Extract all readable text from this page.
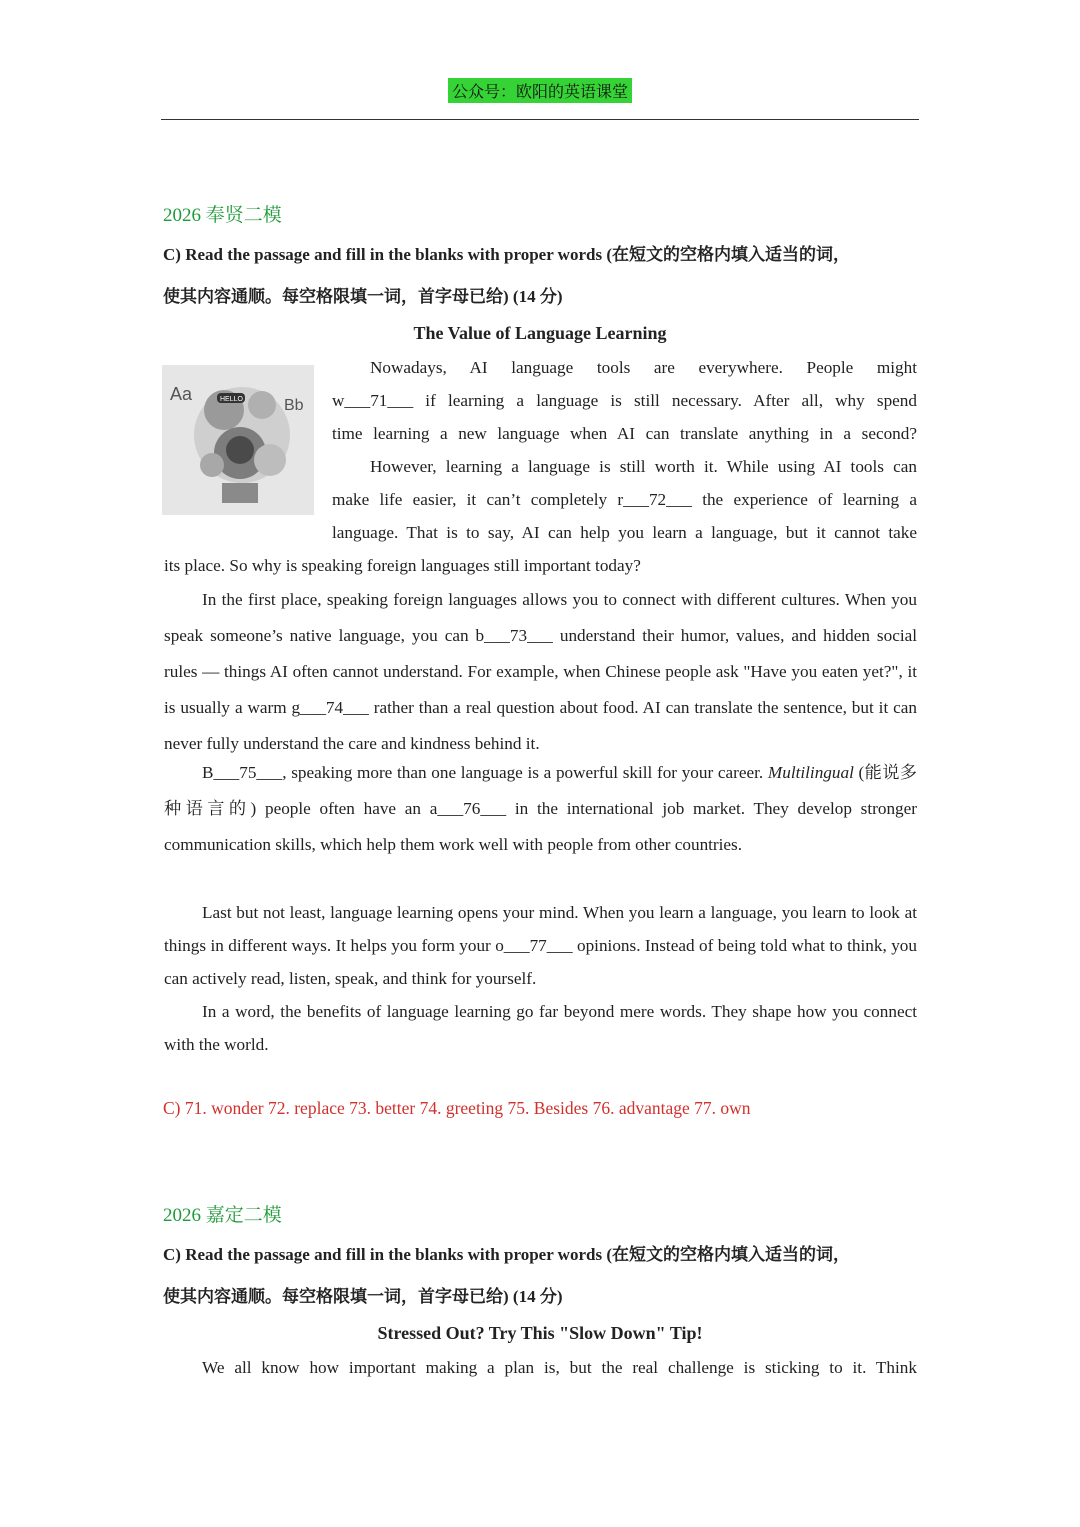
公众号：欧阳的英语课堂
2026 奉贤二模
C) Read the passage and fill in the blanks with proper words (在短文的空格内填入适当的词，
使其内容通顺。每空格限填一词，首字母已给) (14 分)
The Value of Language Learning
Aa
Bb
HELLO
Nowadays, AI language tools are everywhere. People might
w___71___ if learning a language is still necessary. After all, why spend
time learning a new language when AI can translate anything in a second?
However, learning a language is still worth it. While using AI tools can
make life easier, it can’t completely r___72___ the experience of learning a
language. That is to say, AI can help you learn a language, but it cannot take
its place. So why is speaking foreign languages still important today?
In the first place, speaking foreign languages allows you to connect with different cultures. When you speak someone’s native language, you can b___73___ understand their humor, values, and hidden social rules — things AI often cannot understand. For example, when Chinese people ask "Have you eaten yet?", it is usually a warm g___74___ rather than a real question about food. AI can translate the sentence, but it can never fully understand the care and kindness behind it.
B___75___, speaking more than one language is a powerful skill for your career. Multilingual (能说多种语言的) people often have an a___76___ in the international job market. They develop stronger communication skills, which help them work well with people from other countries.
Last but not least, language learning opens your mind. When you learn a language, you learn to look at things in different ways. It helps you form your o___77___ opinions. Instead of being told what to think, you can actively read, listen, speak, and think for yourself.
In a word, the benefits of language learning go far beyond mere words. They shape how you connect with the world.
C) 71. wonder 72. replace 73. better 74. greeting 75. Besides 76. advantage 77. own
2026 嘉定二模
C) Read the passage and fill in the blanks with proper words (在短文的空格内填入适当的词，
使其内容通顺。每空格限填一词，首字母已给) (14 分)
Stressed Out? Try This "Slow Down" Tip!
We all know how important making a plan is, but the real challenge is sticking to it. Think
